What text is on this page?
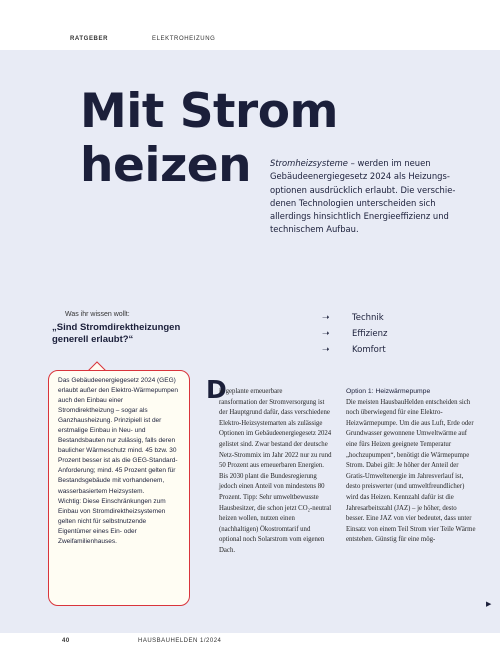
RATGEBER	ELEKTROHEIZUNG
Mit Strom
heizen	Stromheizsysteme – werden im neuen Gebäudeenergiegesetz 2024 als Heizungsoptionen ausdrücklich erlaubt. Die verschiedenen Technologien unterscheiden sich allerdings hinsichtlich Energieeffizienz und technischem Aufbau.

Was ihr wissen wollt:
„Sind Stromdirektheizungen generell erlaubt?“
➝	Technik
➝	Effizienz
➝	Komfort

Das Gebäudeenergiegesetz 2024 (GEG) erlaubt außer den Elektro-Wärmepumpen auch den Einbau einer Stromdirektheizung – sogar als Ganzhausheizung. Prinzipiell ist der erstmalige Einbau in Neu- und Bestandsbauten nur zulässig, falls deren baulicher Wärmeschutz mind. 45 bzw. 30 Prozent besser ist als die GEG-Standard-Anforderung; mind. 45 Prozent gelten für Bestandsgebäude mit vorhandenem, wasserbasiertem Heizsystem.

Wichtig: Diese Einschränkungen zum Einbau von Stromdirektheizsystemen gelten nicht für selbstnutzende Eigentümer eines Ein- oder Zweifamilienhauses.

D

ie geplante erneuerbare

ransformation der Stromversorgung ist der Hauptgrund dafür, dass verschiedene Elektro-Heizsystemarten als zulässige Optionen im Gebäudeenergiegesetz 2024 gelistet sind. Zwar bestand der deutsche Netz-Strommix im Jahr 2022 nur zu rund 50 Prozent aus erneuerbaren Energien. Bis 2030 plant die Bundesregierung jedoch einen Anteil von mindestens 80 Prozent. Tipp: Sehr umweltbewusste Hausbesitzer, die schon jetzt CO₂-neutral heizen wollen, nutzen einen (nachhaltigen) Ökostromtarif und optional noch Solarstrom vom eigenen Dach.

Option 1: Heizwärmepumpe

Die meisten HausbauHelden entscheiden sich noch überwiegend für eine Elektro-Heizwärmepumpe. Um die aus Luft, Erde oder Grundwasser gewonnene Umweltwärme auf eine fürs Heizen geeignete Temperatur „hochzupumpen“, benötigt die Wärmepumpe Strom. Dabei gilt: Je höher der Anteil der Gratis-Umweltenergie im Jahresverlauf ist, desto preiswerter (und umweltfreundlicher) wird das Heizen. Kennzahl dafür ist die Jahresarbeitszahl (JAZ) – je höher, desto besser. Eine JAZ von vier bedeutet, dass unter Einsatz von einem Teil Strom vier Teile Wärme entstehen. Günstig für eine mög-

▶
40	HAUSBAUHELDEN 1/2024
